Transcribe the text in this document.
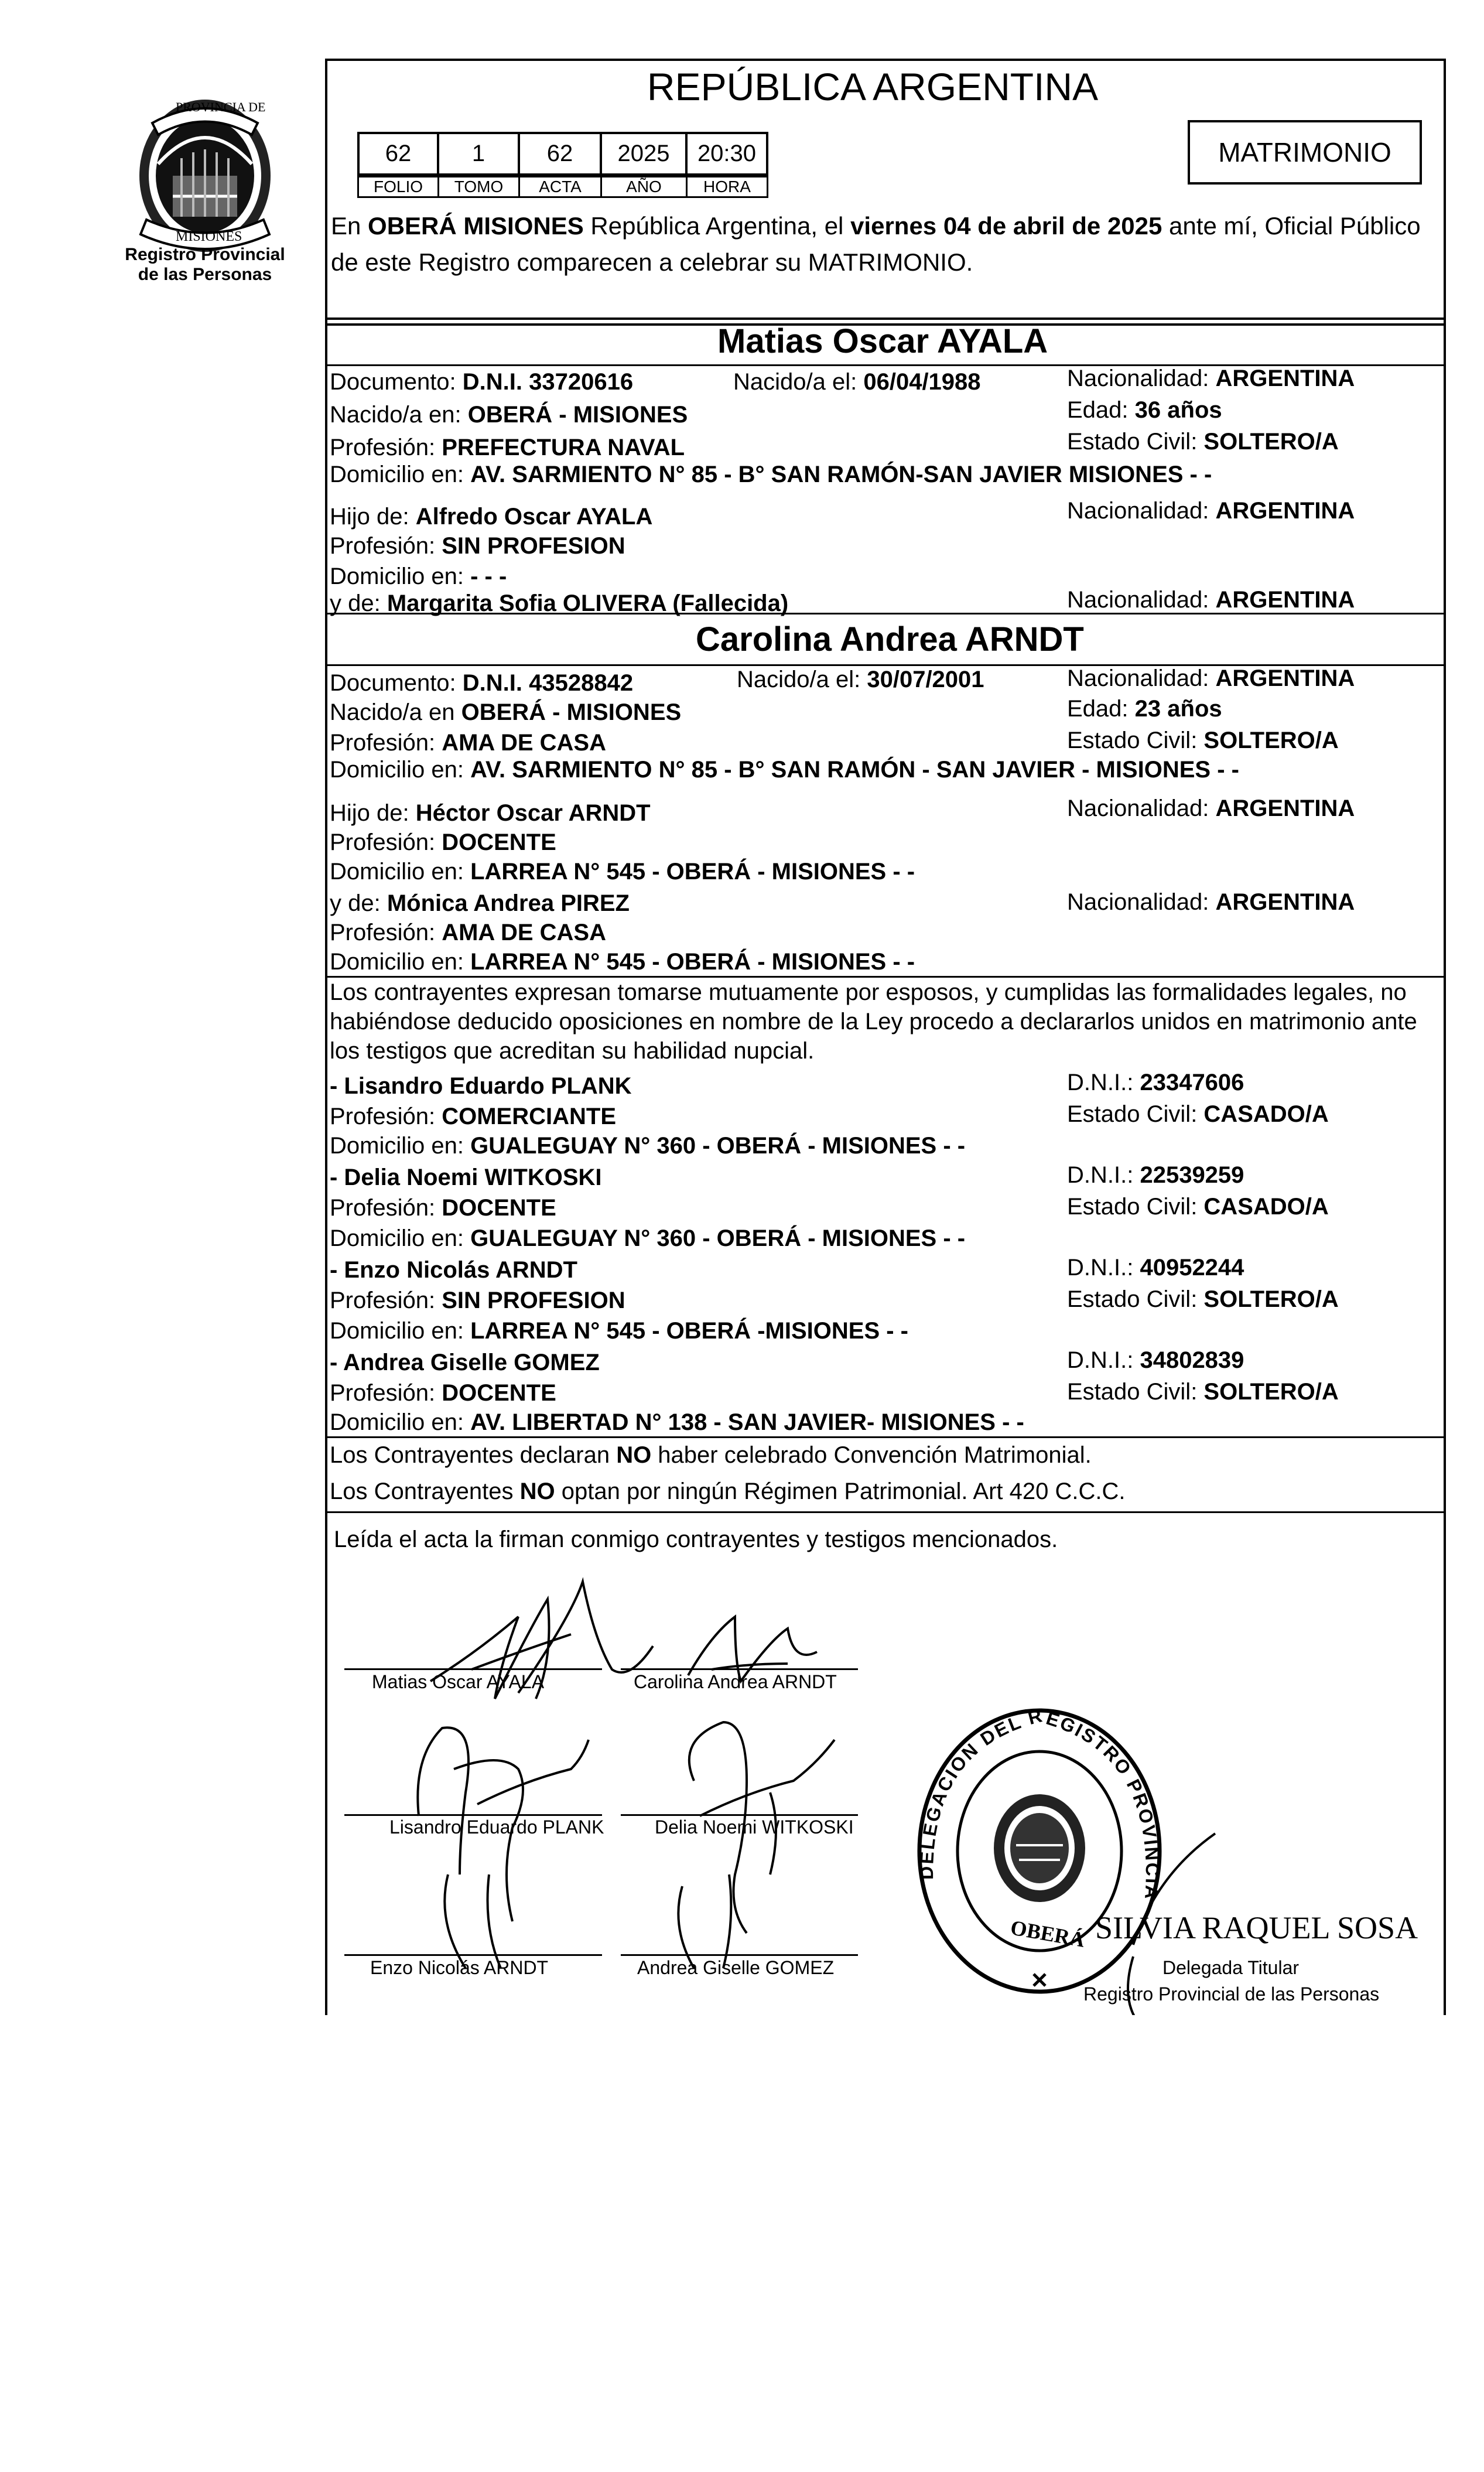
PROVINCIA DE
MISIONES
Registro Provincial
de las Personas
REPÚBLICA ARGENTINA
62	1	62	2025	20:30
FOLIO	TOMO	ACTA	AÑO	HORA
MATRIMONIO
En OBERÁ MISIONES República Argentina, el viernes 04 de abril de 2025 ante mí, Oficial Público de este Registro comparecen a celebrar su MATRIMONIO.
Matias Oscar AYALA
Documento: D.N.I. 33720616	Nacido/a el: 06/04/1988	Nacionalidad: ARGENTINA
Nacido/a en: OBERÁ - MISIONES	Edad: 36 años
Profesión: PREFECTURA NAVAL	Estado Civil: SOLTERO/A
Domicilio en: AV. SARMIENTO N° 85 - B° SAN RAMÓN-SAN JAVIER MISIONES - -
Hijo de: Alfredo Oscar AYALA	Nacionalidad: ARGENTINA
Profesión: SIN PROFESION
Domicilio en: - - -
y de: Margarita Sofia OLIVERA (Fallecida)	Nacionalidad: ARGENTINA
Carolina Andrea ARNDT
Documento: D.N.I. 43528842	Nacido/a el: 30/07/2001	Nacionalidad: ARGENTINA
Nacido/a en OBERÁ - MISIONES	Edad: 23 años
Profesión: AMA DE CASA	Estado Civil: SOLTERO/A
Domicilio en: AV. SARMIENTO N° 85 - B° SAN RAMÓN - SAN JAVIER - MISIONES - -
Hijo de: Héctor Oscar ARNDT	Nacionalidad: ARGENTINA
Profesión: DOCENTE
Domicilio en: LARREA N° 545 - OBERÁ - MISIONES - -
y de: Mónica Andrea PIREZ	Nacionalidad: ARGENTINA
Profesión: AMA DE CASA
Domicilio en: LARREA N° 545 - OBERÁ - MISIONES - -
Los contrayentes expresan tomarse mutuamente por esposos, y cumplidas las formalidades legales, no
habiéndose deducido oposiciones en nombre de la Ley procedo a declararlos unidos en matrimonio ante
los testigos que acreditan su habilidad nupcial.
- Lisandro Eduardo PLANK	D.N.I.: 23347606
Profesión: COMERCIANTE	Estado Civil: CASADO/A
Domicilio en: GUALEGUAY N° 360 - OBERÁ - MISIONES - -
- Delia Noemi WITKOSKI	D.N.I.: 22539259
Profesión: DOCENTE	Estado Civil: CASADO/A
Domicilio en: GUALEGUAY N° 360 - OBERÁ - MISIONES - -
- Enzo Nicolás ARNDT	D.N.I.: 40952244
Profesión: SIN PROFESION	Estado Civil: SOLTERO/A
Domicilio en: LARREA N° 545 - OBERÁ -MISIONES - -
- Andrea Giselle GOMEZ	D.N.I.: 34802839
Profesión: DOCENTE	Estado Civil: SOLTERO/A
Domicilio en: AV. LIBERTAD N° 138 - SAN JAVIER- MISIONES - -
Los Contrayentes declaran NO haber celebrado Convención Matrimonial.
Los Contrayentes NO optan por ningún Régimen Patrimonial. Art 420 C.C.C.
Leída el acta la firman conmigo contrayentes y testigos mencionados.
Matias Oscar AYALA	Carolina Andrea ARNDT
Lisandro Eduardo PLANK	Delia Noemi WITKOSKI
Enzo Nicolás ARNDT	Andrea Giselle GOMEZ
DELEGACION DEL REGISTRO PROVINCIA
OBERÁ SILVIA RAQUEL SOSA
Delegada Titular
Registro Provincial de las Personas
